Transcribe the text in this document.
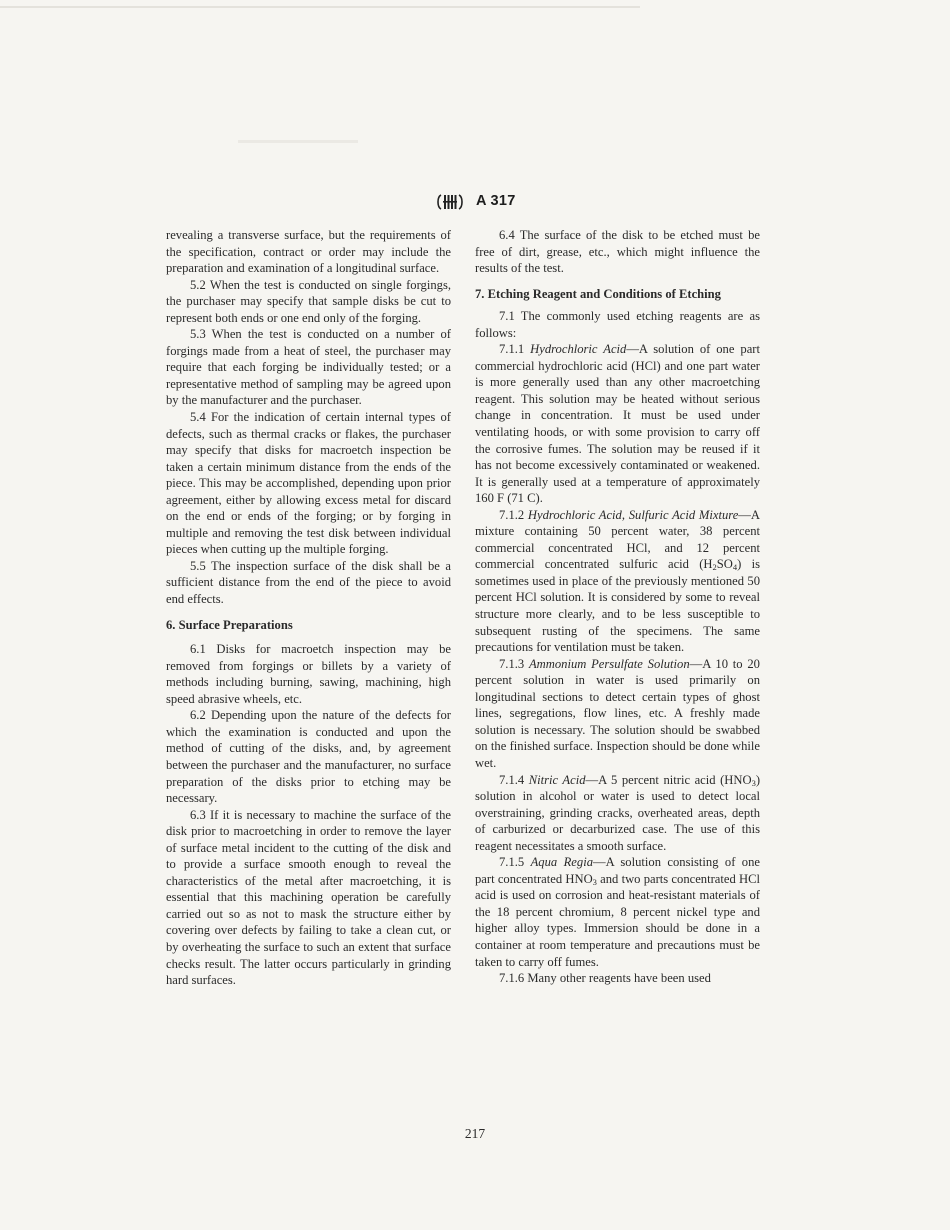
A 317

revealing a transverse surface, but the requirements of the specification, contract or order may include the preparation and examination of a longitudinal surface.

5.2 When the test is conducted on single forgings, the purchaser may specify that sample disks be cut to represent both ends or one end only of the forging.

5.3 When the test is conducted on a number of forgings made from a heat of steel, the purchaser may require that each forging be individually tested; or a representative method of sampling may be agreed upon by the manufacturer and the purchaser.

5.4 For the indication of certain internal types of defects, such as thermal cracks or flakes, the purchaser may specify that disks for macroetch inspection be taken a certain minimum distance from the ends of the piece. This may be accomplished, depending upon prior agreement, either by allowing excess metal for discard on the end or ends of the forging; or by forging in multiple and removing the test disk between individual pieces when cutting up the multiple forging.

5.5 The inspection surface of the disk shall be a sufficient distance from the end of the piece to avoid end effects.

6. Surface Preparations

6.1 Disks for macroetch inspection may be removed from forgings or billets by a variety of methods including burning, sawing, machining, high speed abrasive wheels, etc.

6.2 Depending upon the nature of the defects for which the examination is conducted and upon the method of cutting of the disks, and, by agreement between the purchaser and the manufacturer, no surface preparation of the disks prior to etching may be necessary.

6.3 If it is necessary to machine the surface of the disk prior to macroetching in order to remove the layer of surface metal incident to the cutting of the disk and to provide a surface smooth enough to reveal the characteristics of the metal after macroetching, it is essential that this machining operation be carefully carried out so as not to mask the structure either by covering over defects by failing to take a clean cut, or by overheating the surface to such an extent that surface checks result. The latter occurs particularly in grinding hard surfaces.

6.4 The surface of the disk to be etched must be free of dirt, grease, etc., which might influence the results of the test.

7. Etching Reagent and Conditions of Etching

7.1 The commonly used etching reagents are as follows:

7.1.1 Hydrochloric Acid—A solution of one part commercial hydrochloric acid (HCl) and one part water is more generally used than any other macroetching reagent. This solution may be heated without serious change in concentration. It must be used under ventilating hoods, or with some provision to carry off the corrosive fumes. The solution may be reused if it has not become excessively contaminated or weakened. It is generally used at a temperature of approximately 160 F (71 C).

7.1.2 Hydrochloric Acid, Sulfuric Acid Mixture—A mixture containing 50 percent water, 38 percent commercial concentrated HCl, and 12 percent commercial concentrated sulfuric acid $(H_2SO_4)$ is sometimes used in place of the previously mentioned 50 percent HCl solution. It is considered by some to reveal structure more clearly, and to be less susceptible to subsequent rusting of the specimens. The same precautions for ventilation must be taken.

7.1.3 Ammonium Persulfate Solution—A 10 to 20 percent solution in water is used primarily on longitudinal sections to detect certain types of ghost lines, segregations, flow lines, etc. A freshly made solution is necessary. The solution should be swabbed on the finished surface. Inspection should be done while wet.

7.1.4 Nitric Acid—A 5 percent nitric acid $(HNO_3)$ solution in alcohol or water is used to detect local overstraining, grinding cracks, overheated areas, depth of carburized or decarburized case. The use of this reagent necessitates a smooth surface.

7.1.5 Aqua Regia—A solution consisting of one part concentrated $HNO_3$ and two parts concentrated HCl acid is used on corrosion and heat-resistant materials of the 18 percent chromium, 8 percent nickel type and higher alloy types. Immersion should be done in a container at room temperature and precautions must be taken to carry off fumes.

7.1.6 Many other reagents have been used

217
